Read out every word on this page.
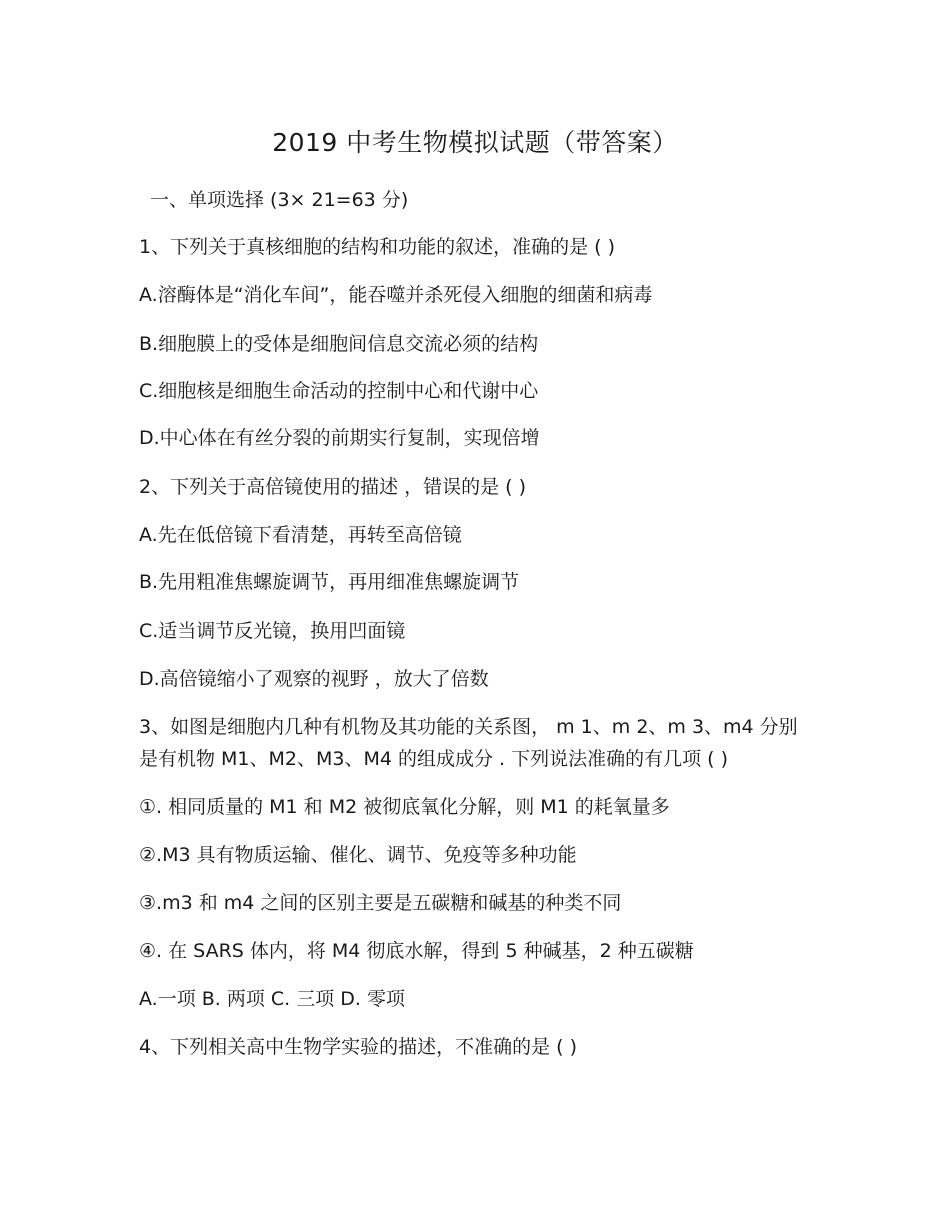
2019 中考生物模拟试题（带答案）
一、单项选择 (3× 21=63 分)
1、下列关于真核细胞的结构和功能的叙述，准确的是 ( )
A.溶酶体是“消化车间”，能吞噬并杀死侵入细胞的细菌和病毒
B.细胞膜上的受体是细胞间信息交流必须的结构
C.细胞核是细胞生命活动的控制中心和代谢中心
D.中心体在有丝分裂的前期实行复制，实现倍增
2、下列关于高倍镜使用的描述 ，错误的是 ( )
A.先在低倍镜下看清楚，再转至高倍镜
B.先用粗准焦螺旋调节，再用细准焦螺旋调节
C.适当调节反光镜，换用凹面镜
D.高倍镜缩小了观察的视野 ，放大了倍数
3、如图是细胞内几种有机物及其功能的关系图， m 1、m 2、m 3、m4 分别
是有机物 M1、M2、M3、M4 的组成成分 . 下列说法准确的有几项 ( )
①. 相同质量的 M1 和 M2 被彻底氧化分解，则 M1 的耗氧量多
②.M3 具有物质运输、催化、调节、免疫等多种功能
③.m3 和 m4 之间的区别主要是五碳糖和碱基的种类不同
④. 在 SARS 体内，将 M4 彻底水解，得到 5 种碱基，2 种五碳糖
A.一项 B. 两项 C. 三项 D. 零项
4、下列相关高中生物学实验的描述，不准确的是 ( )
